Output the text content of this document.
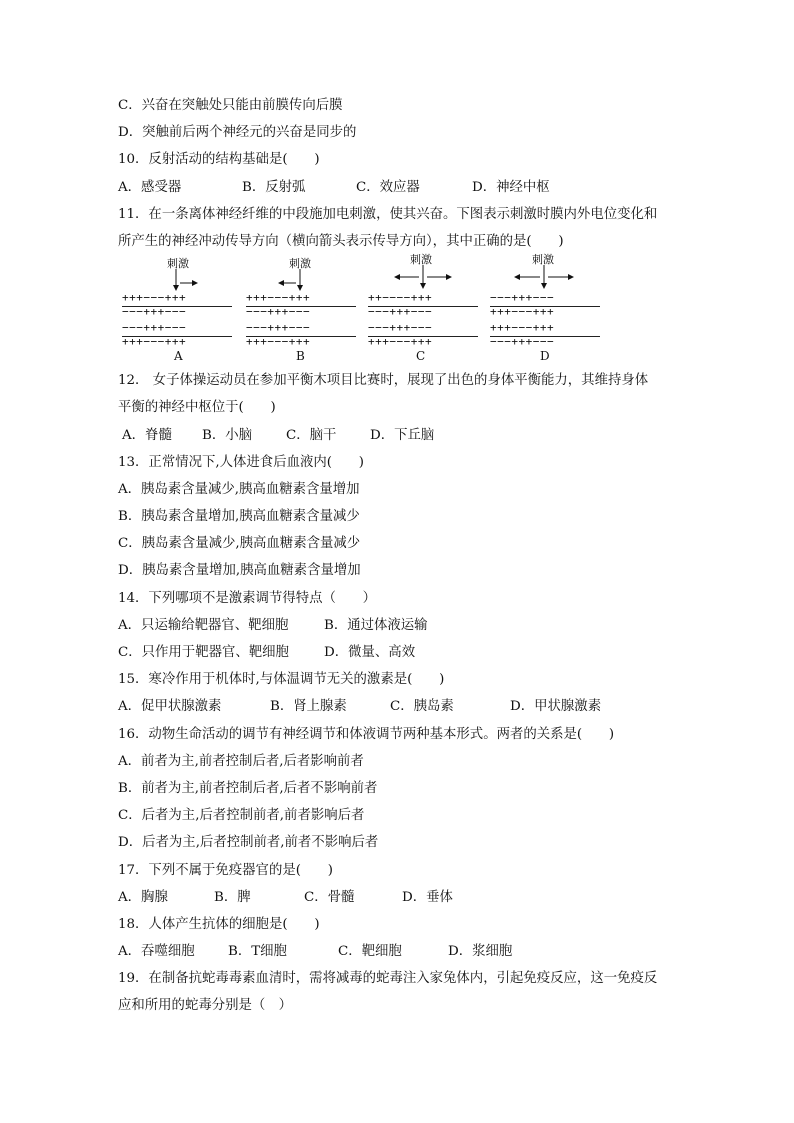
C．兴奋在突触处只能由前膜传向后膜
D．突触前后两个神经元的兴奋是同步的
10．反射活动的结构基础是(　　)
A．感受器	B．反射弧	C．效应器	D．神经中枢
11．在一条离体神经纤维的中段施加电刺激，使其兴奋。下图表示刺激时膜内外电位变化和
所产生的神经冲动传导方向（横向箭头表示传导方向），其中正确的是(　　)
刺激
+++−−−+++
−−−+++−−−
−−−+++−−−
+++−−−+++
A
刺激
+++−−−+++
−−−+++−−−
−−−+++−−−
+++−−−+++
B
刺激
++−−−−+++
−−−+++−−−
−−−+++−−−
+++−−−+++
C
刺激
−−−+++−−−
+++−−−+++
+++−−−+++
−−−+++−−−
D
12． 女子体操运动员在参加平衡木项目比赛时，展现了出色的身体平衡能力，其维持身体
平衡的神经中枢位于(　　)
A．脊髓 B．小脑	C．脑干	D．下丘脑
13．正常情况下,人体进食后血液内(　　)
A．胰岛素含量减少,胰高血糖素含量增加
B．胰岛素含量增加,胰高血糖素含量减少
C．胰岛素含量减少,胰高血糖素含量减少
D．胰岛素含量增加,胰高血糖素含量增加
14．下列哪项不是激素调节得特点（　　）
A．只运输给靶器官、靶细胞	B．通过体液运输
C．只作用于靶器官、靶细胞	D．微量、高效
15．寒冷作用于机体时,与体温调节无关的激素是(　　)
A．促甲状腺激素	B．肾上腺素	C．胰岛素	D．甲状腺激素
16．动物生命活动的调节有神经调节和体液调节两种基本形式。两者的关系是(　　)
A．前者为主,前者控制后者,后者影响前者
B．前者为主,前者控制后者,后者不影响前者
C．后者为主,后者控制前者,前者影响后者
D．后者为主,后者控制前者,前者不影响后者
17．下列不属于免疫器官的是(　　)
A．胸腺	B．脾	C．骨髓	D．垂体
18．人体产生抗体的细胞是(　　)
A．吞噬细胞 B．T细胞	C．靶细胞	D．浆细胞
19．在制备抗蛇毒毒素血清时，需将减毒的蛇毒注入家兔体内，引起免疫反应，这一免疫反
应和所用的蛇毒分别是（　）
